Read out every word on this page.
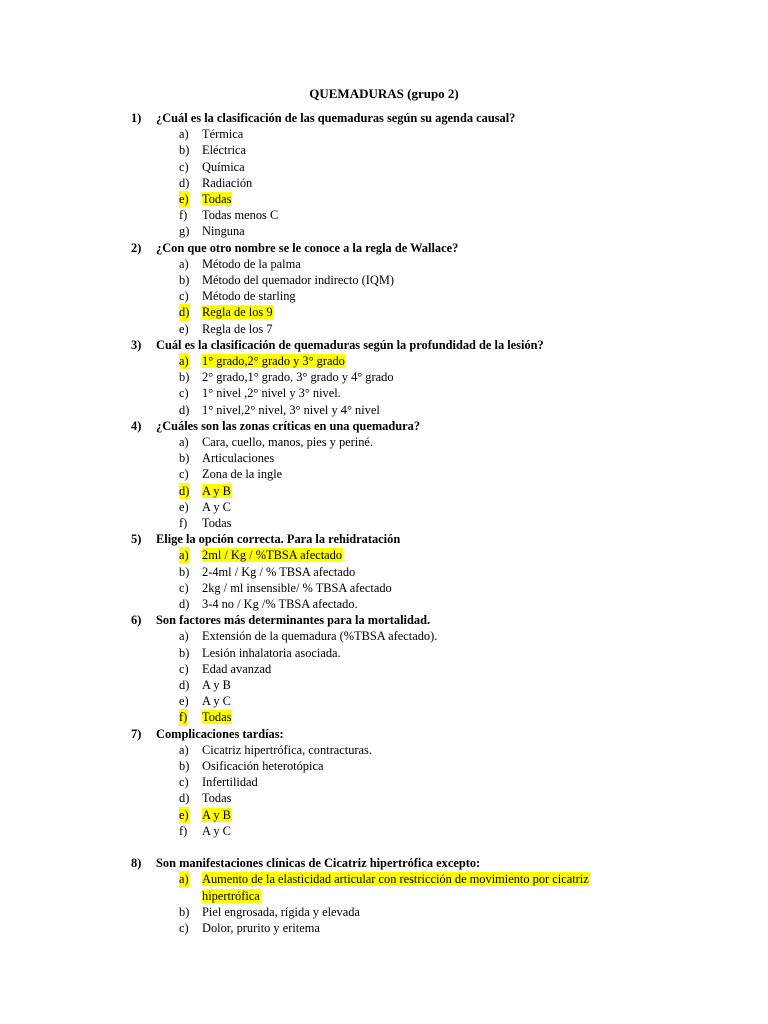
QUEMADURAS (grupo 2)
1) ¿Cuál es la clasificación de las quemaduras según su agenda causal?
a) Térmica
b) Eléctrica
c) Química
d) Radiación
e) Todas
f) Todas menos C
g) Ninguna
2) ¿Con que otro nombre se le conoce a la regla de Wallace?
a) Método de la palma
b) Método del quemador indirecto (IQM)
c) Método de starling
d) Regla de los 9
e) Regla de los 7
3) Cuál es la clasificación de quemaduras según la profundidad de la lesión?
a) 1° grado,2° grado y 3° grado
b) 2° grado,1° grado, 3° grado y 4° grado
c) 1° nivel ,2° nivel y 3° nivel.
d) 1° nivel,2° nivel, 3° nivel y 4° nivel
4) ¿Cuáles son las zonas críticas en una quemadura?
a) Cara, cuello, manos, pies y periné.
b) Articulaciones
c) Zona de la ingle
d) A y B
e) A y C
f) Todas
5) Elige la opción correcta. Para la rehidratación
a) 2ml / Kg / %TBSA afectado
b) 2-4ml / Kg / % TBSA afectado
c) 2kg / ml insensible/ % TBSA afectado
d) 3-4 no / Kg /% TBSA afectado.
6) Son factores más determinantes para la mortalidad.
a) Extensión de la quemadura (%TBSA afectado).
b) Lesión inhalatoria asociada.
c) Edad avanzad
d) A y B
e) A y C
f) Todas
7) Complicaciones tardías:
a) Cicatriz hipertrófica, contracturas.
b) Osificación heterotópica
c) Infertilidad
d) Todas
e) A y B
f) A y C
8) Son manifestaciones clínicas de Cicatriz hipertrófica excepto:
a) Aumento de la elasticidad articular con restricción de movimiento por cicatriz hipertrófica
b) Piel engrosada, rígida y elevada
c) Dolor, prurito y eritema
